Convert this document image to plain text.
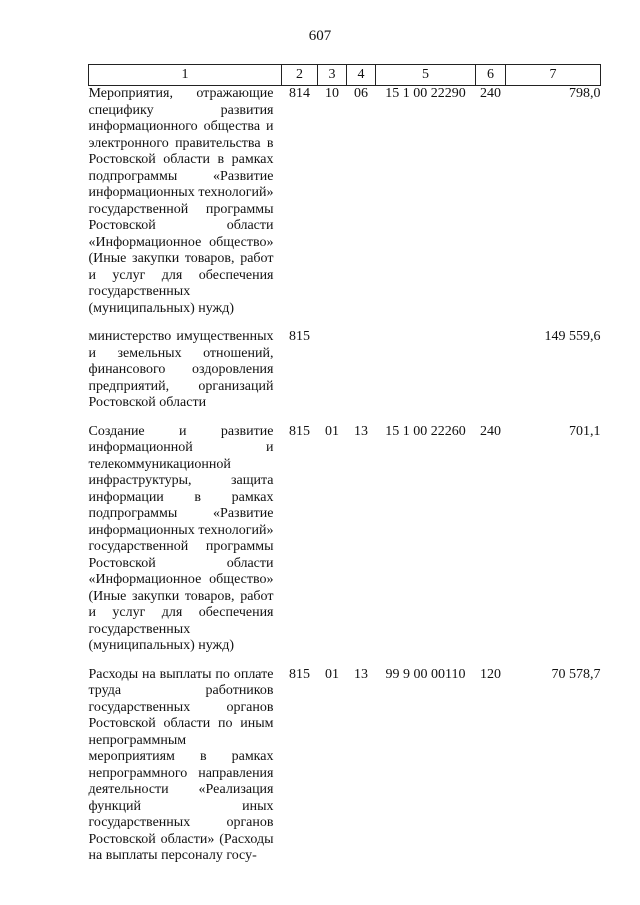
607
1	2	3	4	5	6	7
Мероприятия, отражающие специфику развития информационного общества и электронного правительства в Ростовской области в рамках подпрограммы «Развитие информационных технологий» государственной программы Ростовской области «Информационное общество» (Иные закупки товаров, работ и услуг для обеспечения государственных (муниципальных) нужд)	814	10	06	15 1 00 22290	240	798,0
министерство имущественных и земельных отношений, финансового оздоровления предприятий, организаций Ростовской области	815					149 559,6
Создание и развитие информационной и телекоммуникационной инфраструктуры, защита информации в рамках подпрограммы «Развитие информационных технологий» государственной программы Ростовской области «Информационное общество» (Иные закупки товаров, работ и услуг для обеспечения государственных (муниципальных) нужд)	815	01	13	15 1 00 22260	240	701,1
Расходы на выплаты по оплате труда работников государственных органов Ростовской области по иным непрограммным мероприятиям в рамках непрограммного направления деятельности «Реализация функций иных государственных органов Ростовской области» (Расходы на выплаты персоналу госу-	815	01	13	99 9 00 00110	120	70 578,7
